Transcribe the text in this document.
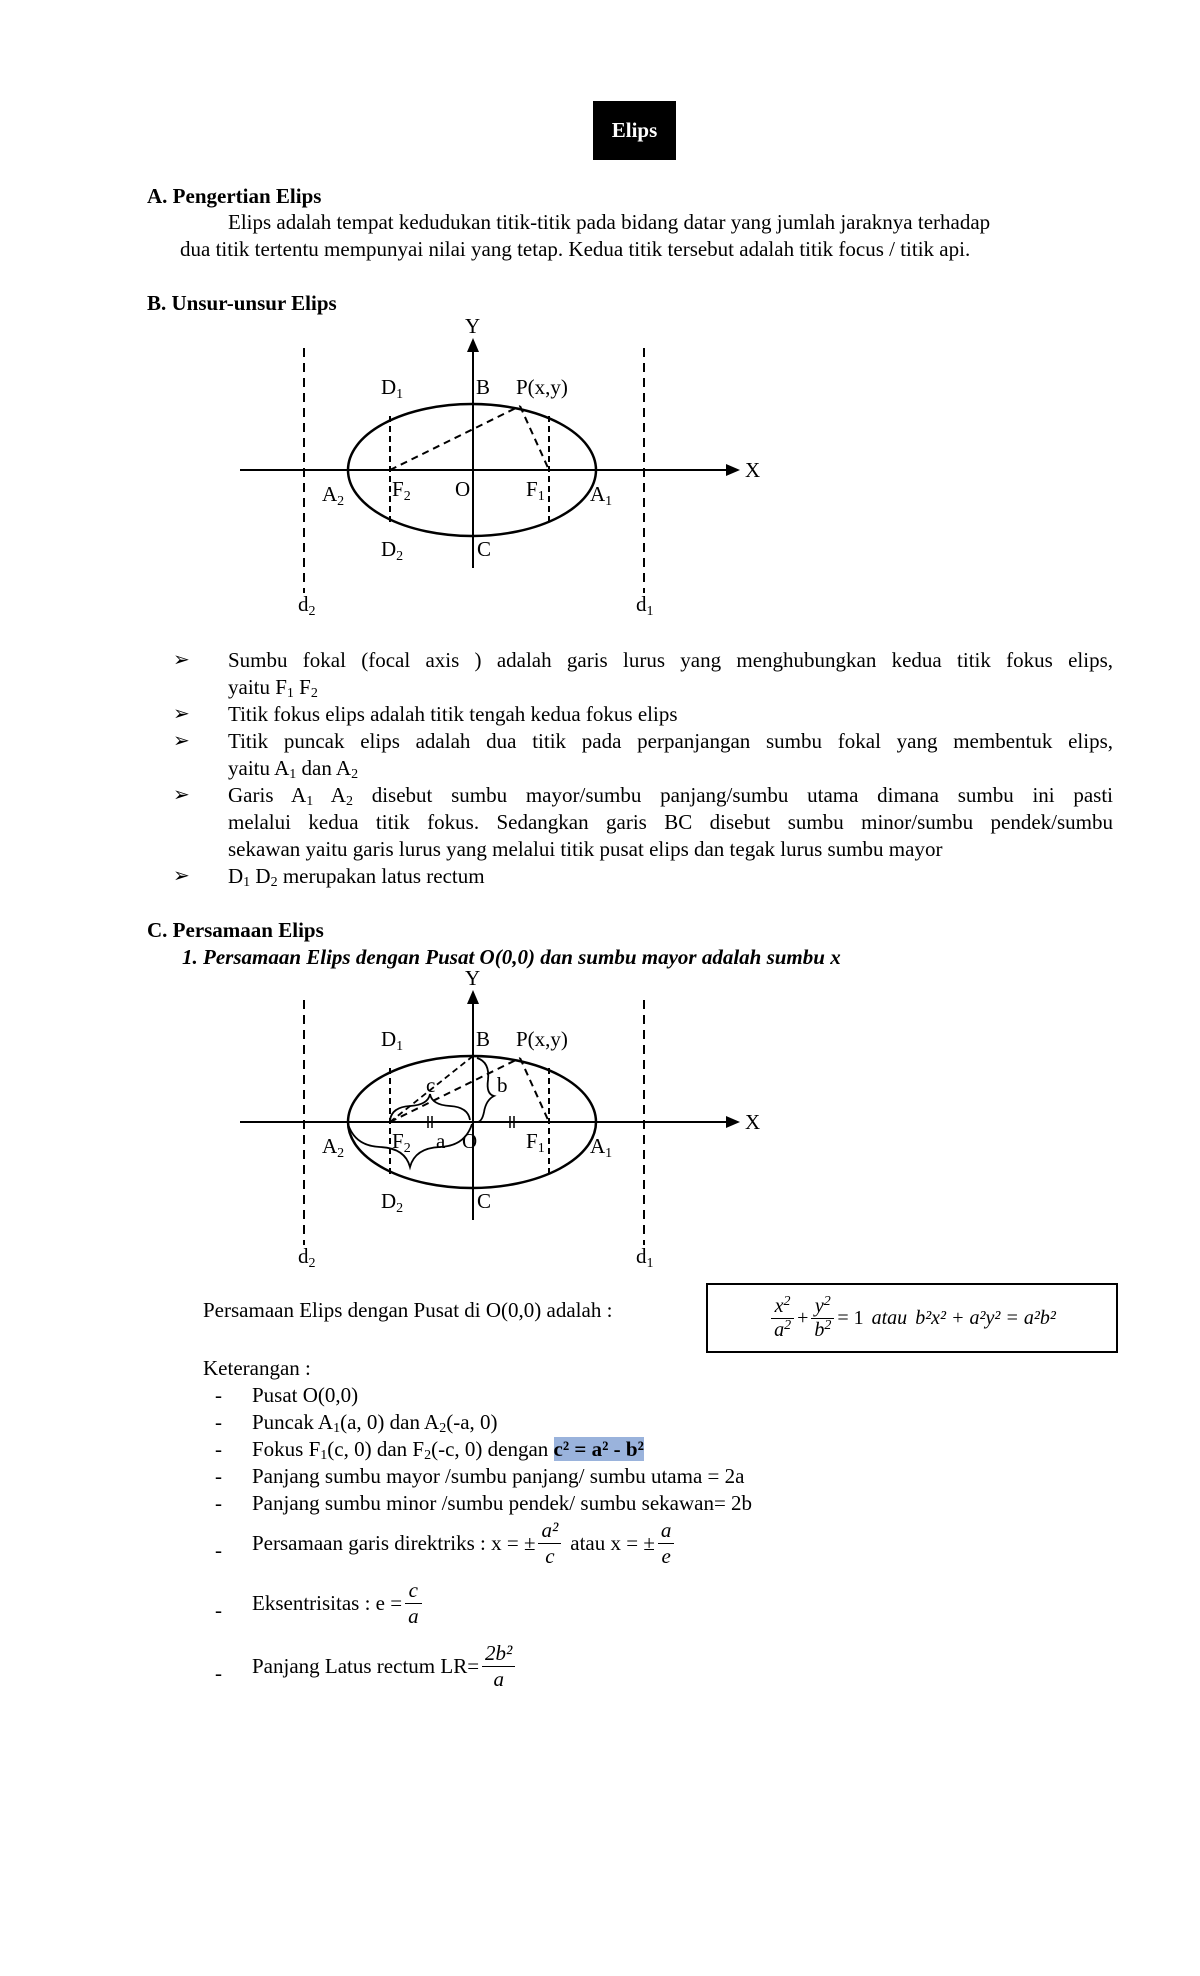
Elips
A. Pengertian Elips
Elips adalah tempat kedudukan titik-titik pada bidang datar yang jumlah jaraknya terhadap
dua titik tertentu mempunyai nilai yang tetap. Kedua titik tersebut adalah titik focus / titik api.
B. Unsur-unsur Elips
Y
X
D1	B P(x,y)
A2
F2 O	F1 A1
D2	C
d2	d1
➢ Sumbu fokal (focal axis ) adalah garis lurus yang menghubungkan kedua titik fokus elips,
yaitu $F_1$ $F_2$
➢ Titik fokus elips adalah titik tengah kedua fokus elips
➢ Titik puncak elips adalah dua titik pada perpanjangan sumbu fokal yang membentuk elips,
yaitu $A_1$ dan $A_2$
➢ Garis $A_1$ $A_2$ disebut sumbu mayor/sumbu panjang/sumbu utama dimana sumbu ini pasti
melalui kedua titik fokus. Sedangkan garis BC disebut sumbu minor/sumbu pendek/sumbu
sekawan yaitu garis lurus yang melalui titik pusat elips dan tegak lurus sumbu mayor
➢ $D_1$ $D_2$ merupakan latus rectum
C. Persamaan Elips
1. Persamaan Elips dengan Pusat O(0,0) dan sumbu mayor adalah sumbu x
Y
X
D1	B P(x,y)
c	b
A2
F2 a O F1 A1
D2	C
d2	d1
Persamaan Elips dengan Pusat di O(0,0) adalah :	$\frac{x^2}{a^2} + \frac{y^2}{b^2} = 1$ atau b²x² + a²y² = a²b²
Keterangan :
- Pusat O(0,0)
- Puncak $A_1(a$, 0) dan $A_2(-a$, 0)
- Fokus $F_1(c$, 0) dan $F_2(-c$, 0) dengan c² = a² - b²
- Panjang sumbu mayor /sumbu panjang/ sumbu utama = 2a
- Panjang sumbu minor /sumbu pendek/ sumbu sekawan= 2b
- Persamaan garis direktriks : x = ± $\frac{\text{a²}}{c}$ atau x = ± $\frac{a}{e}$
- Eksentrisitas : $e = \frac{c}{a}$
- Panjang Latus rectum $LR= \frac{\text{2b²}}{a}$
